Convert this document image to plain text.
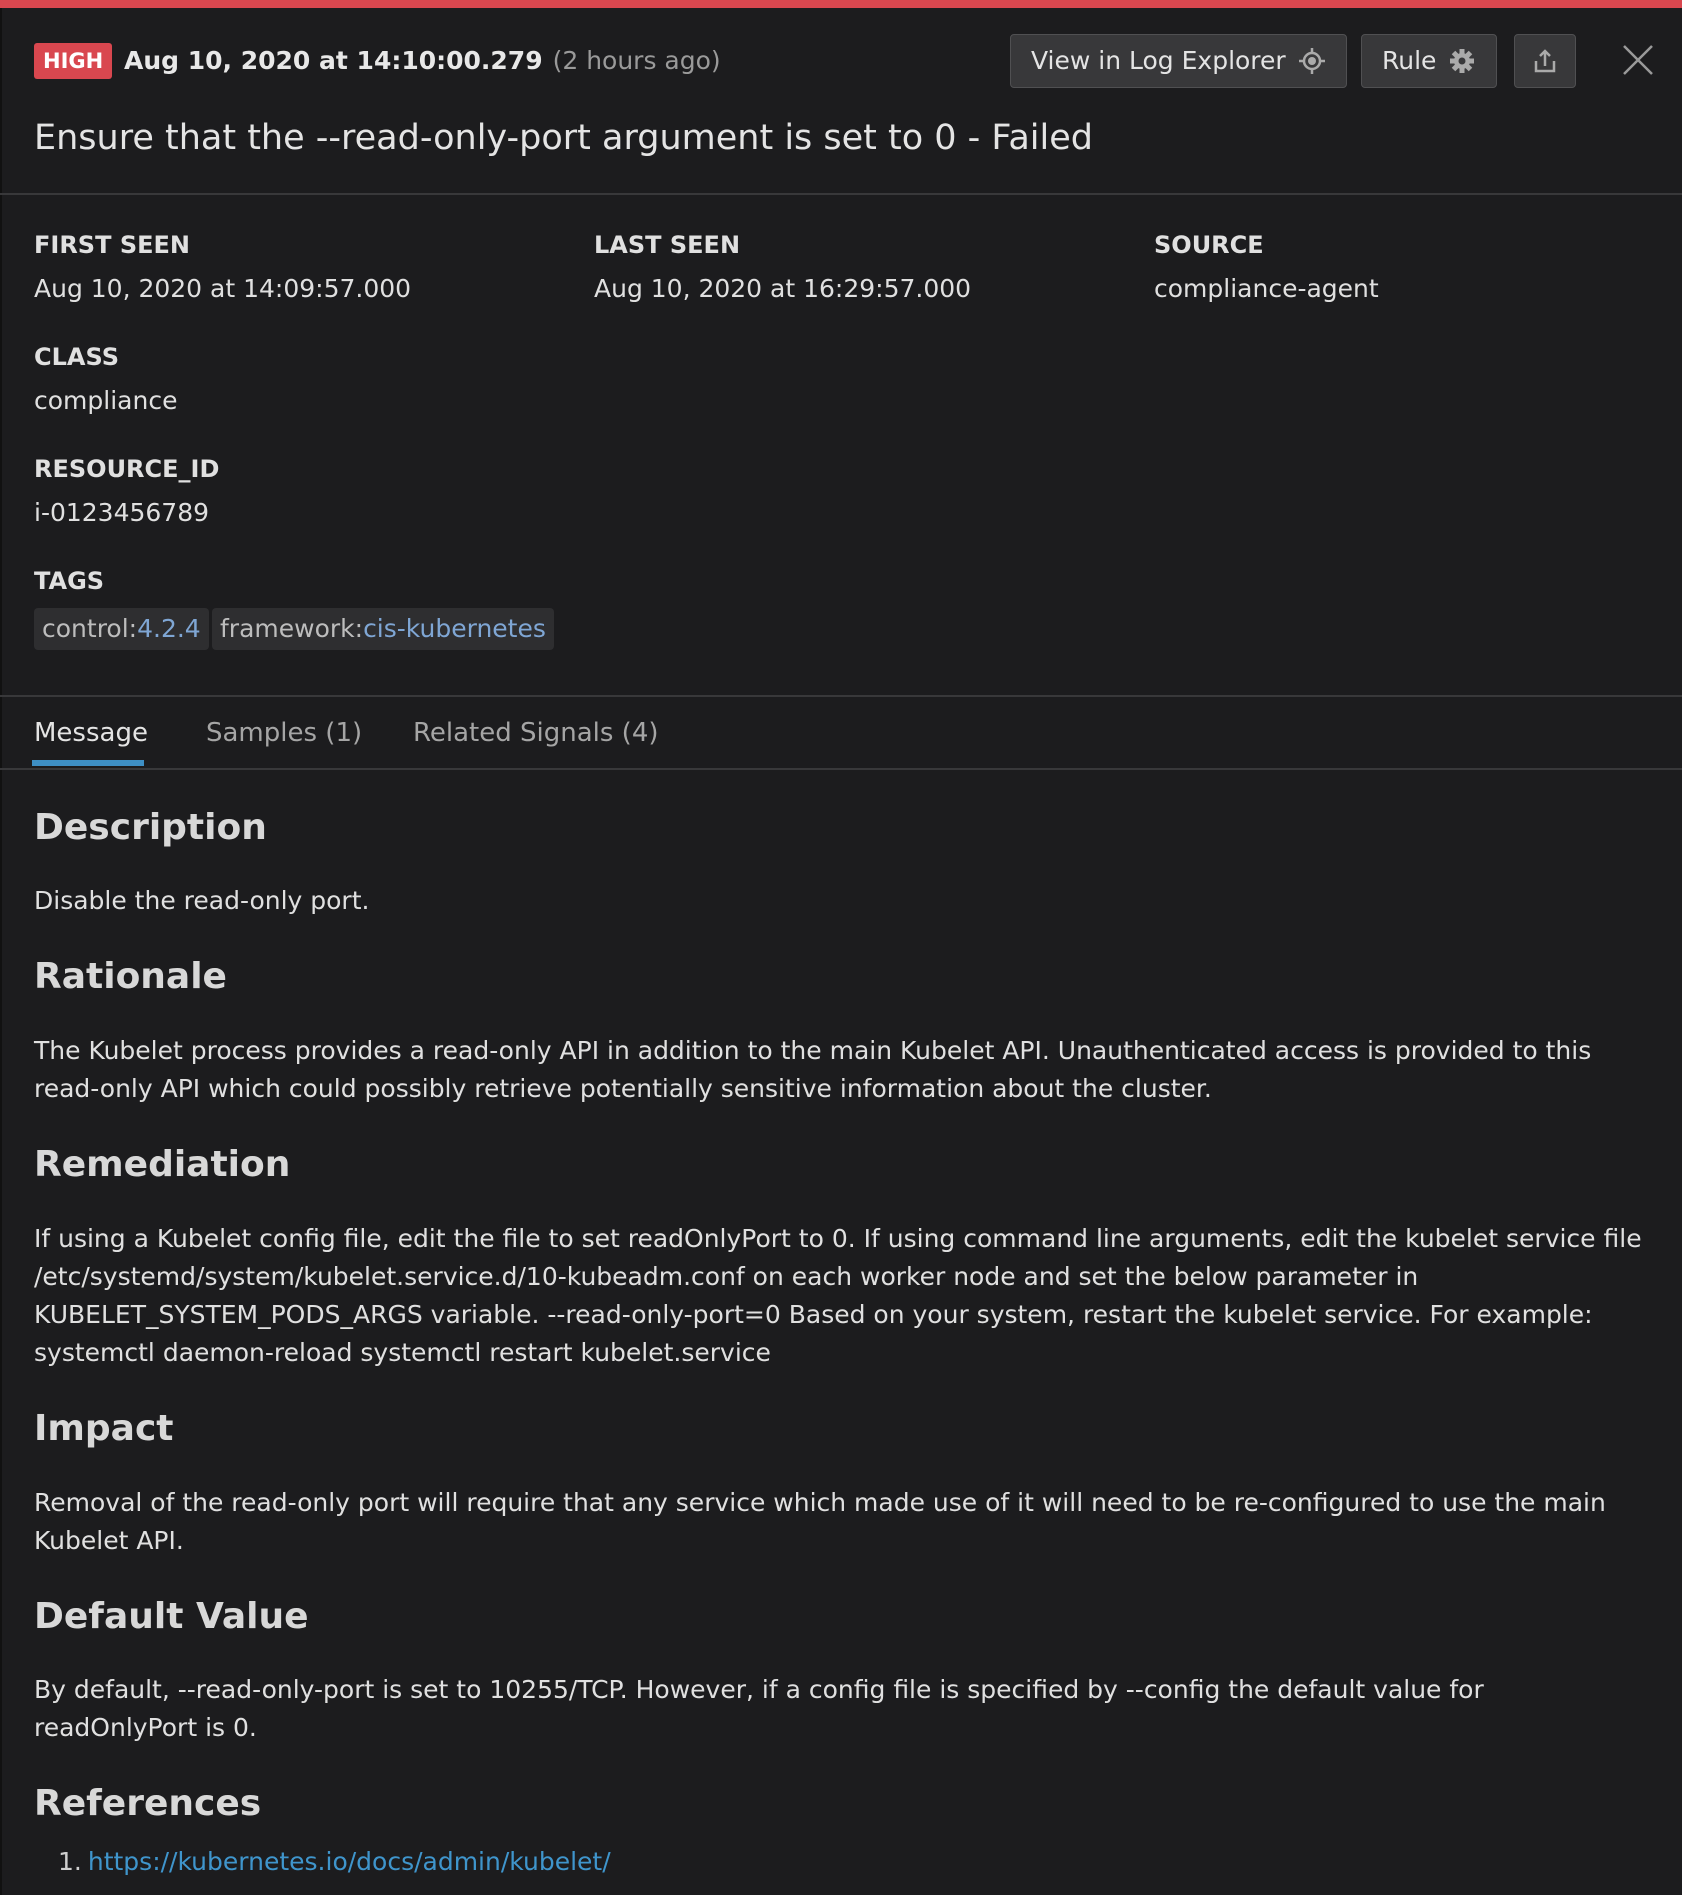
HIGH Aug 10, 2020 at 14:10:00.279 (2 hours ago)	View in Log Explorer	Rule
Ensure that the --read-only-port argument is set to 0 - Failed
FIRST SEEN
Aug 10, 2020 at 14:09:57.000
LAST SEEN
Aug 10, 2020 at 16:29:57.000
SOURCE
compliance-agent
CLASS
compliance
RESOURCE_ID
i-0123456789
TAGS
control:4.2.4 framework:cis-kubernetes
Message Samples (1) Related Signals (4)
Description

Disable the read-only port.

Rationale

The Kubelet process provides a read-only API in addition to the main Kubelet API. Unauthenticated access is provided to this read-only API which could possibly retrieve potentially sensitive information about the cluster.

Remediation

If using a Kubelet config file, edit the file to set readOnlyPort to 0. If using command line arguments, edit the kubelet service file /etc/systemd/system/kubelet.service.d/10-kubeadm.conf on each worker node and set the below parameter in KUBELET_SYSTEM_PODS_ARGS variable. --read-only-port=0 Based on your system, restart the kubelet service. For example: systemctl daemon-reload systemctl restart kubelet.service

Impact

Removal of the read-only port will require that any service which made use of it will need to be re-configured to use the main Kubelet API.

Default Value

By default, --read-only-port is set to 10255/TCP. However, if a config file is specified by --config the default value for readOnlyPort is 0.

References
1. https://kubernetes.io/docs/admin/kubelet/
